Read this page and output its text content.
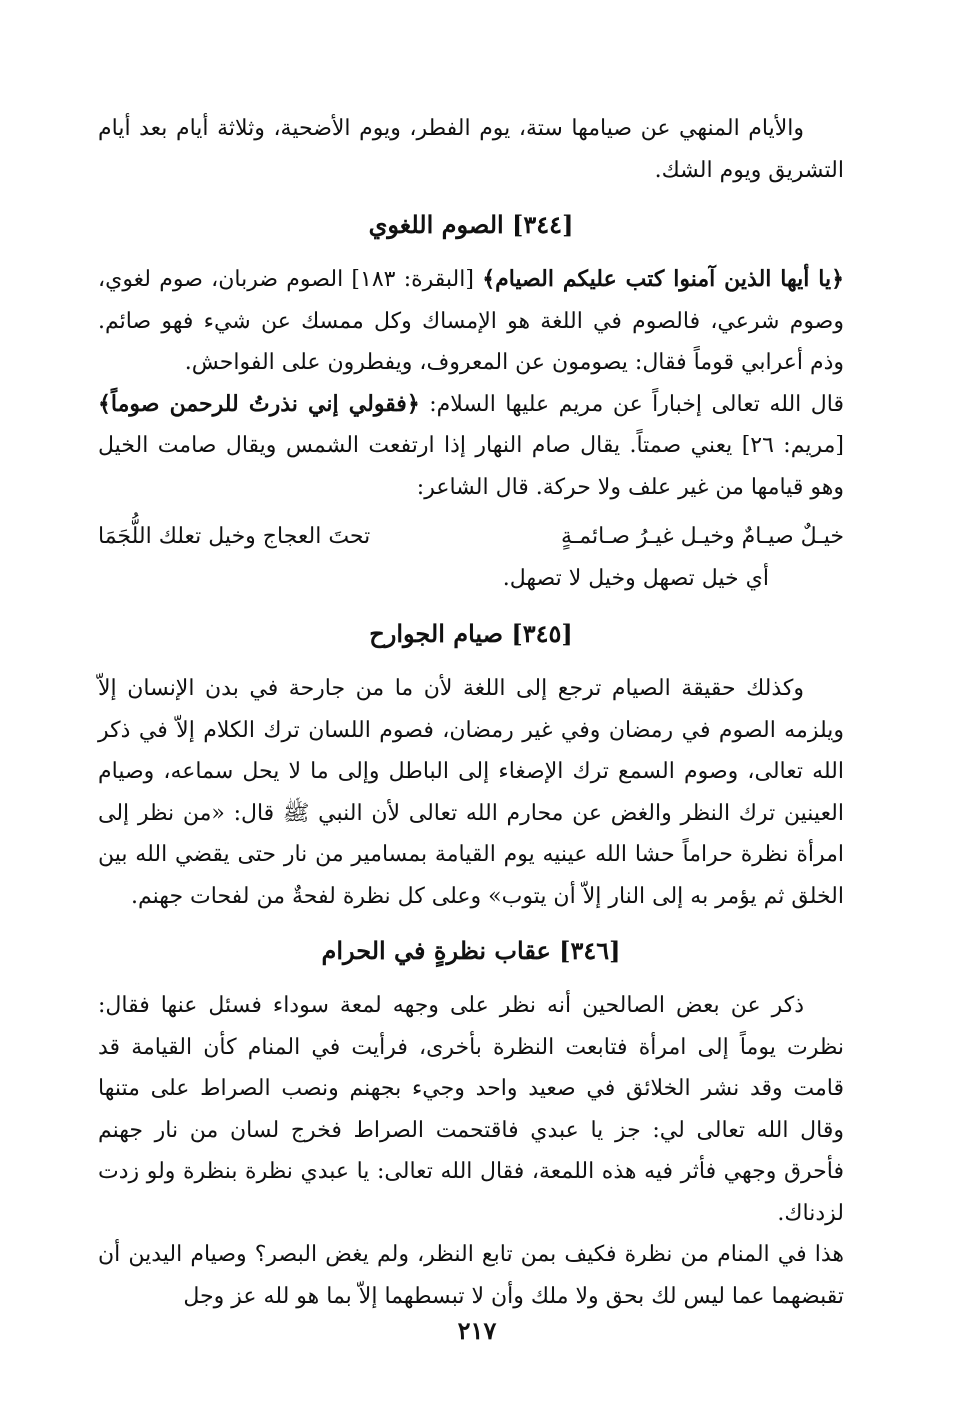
والأيام المنهي عن صيامها ستة، يوم الفطر، ويوم الأضحية، وثلاثة أيام بعد أيام التشريق ويوم الشك.

[٣٤٤] الصوم اللغوي

﴿يا أيها الذين آمنوا كتب عليكم الصيام﴾ [البقرة: ١٨٣] الصوم ضربان، صوم لغوي، وصوم شرعي، فالصوم في اللغة هو الإمساك وكل ممسك عن شيء فهو صائم. وذم أعرابي قوماً فقال: يصومون عن المعروف، ويفطرون على الفواحش.

قال الله تعالى إخباراً عن مريم عليها السلام: ﴿فقولي إني نذرتُ للرحمن صوماً﴾ [مريم: ٢٦] يعني صمتاً. يقال صام النهار إذا ارتفعت الشمس ويقال صامت الخيل وهو قيامها من غير علف ولا حركة. قال الشاعر:

خيـلٌ صيـامٌ وخيـل غيـرُ صـائمـةٍ
تحتَ العجاج وخيل تعلك اللُّجَمَا
أي خيل تصهل وخيل لا تصهل.
[٣٤٥] صيام الجوارح

وكذلك حقيقة الصيام ترجع إلى اللغة لأن ما من جارحة في بدن الإنسان إلاّ ويلزمه الصوم في رمضان وفي غير رمضان، فصوم اللسان ترك الكلام إلاّ في ذكر الله تعالى، وصوم السمع ترك الإصغاء إلى الباطل وإلى ما لا يحل سماعه، وصيام العينين ترك النظر والغض عن محارم الله تعالى لأن النبي ﷺ قال: «من نظر إلى امرأة نظرة حراماً حشا الله عينيه يوم القيامة بمسامير من نار حتى يقضي الله بين الخلق ثم يؤمر به إلى النار إلاّ أن يتوب» وعلى كل نظرة لفحةٌ من لفحات جهنم.

[٣٤٦] عقاب نظرةٍ في الحرام

ذكر عن بعض الصالحين أنه نظر على وجهه لمعة سوداء فسئل عنها فقال: نظرت يوماً إلى امرأة فتابعت النظرة بأخرى، فرأيت في المنام كأن القيامة قد قامت وقد نشر الخلائق في صعيد واحد وجيء بجهنم ونصب الصراط على متنها وقال الله تعالى لي: جز يا عبدي فاقتحمت الصراط فخرج لسان من نار جهنم فأحرق وجهي فأثر فيه هذه اللمعة، فقال الله تعالى: يا عبدي نظرة بنظرة ولو زدت لزدناك.

هذا في المنام من نظرة فكيف بمن تابع النظر، ولم يغض البصر؟ وصيام اليدين أن تقبضهما عما ليس لك بحق ولا ملك وأن لا تبسطهما إلاّ بما هو لله عز وجل

٢١٧
